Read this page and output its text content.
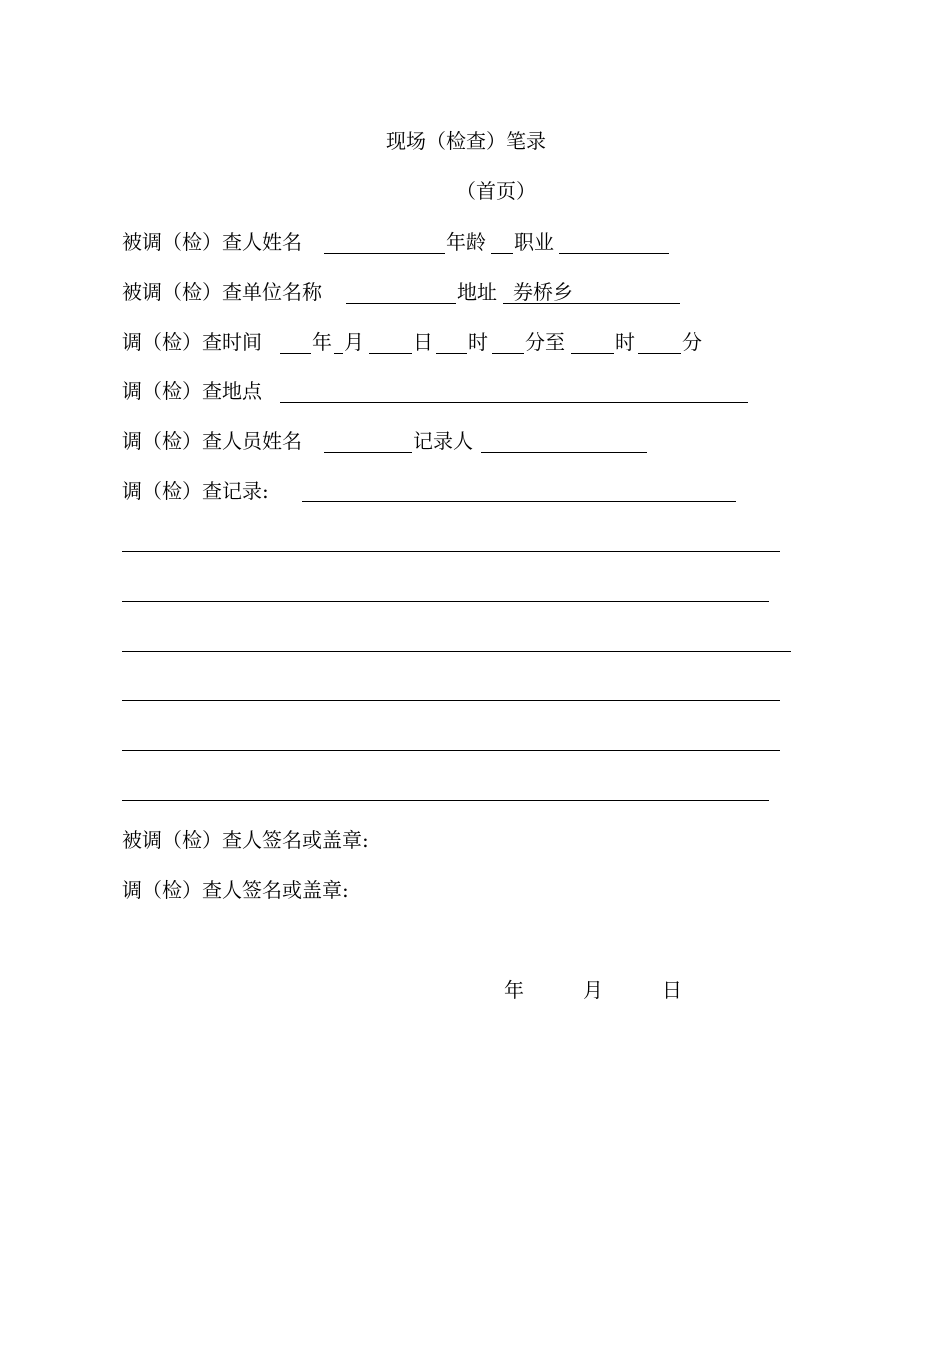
现场（检查）笔录
（首页）
被调（检）查人姓名	年龄 职业
被调（检）查单位名称	地址 券桥乡
调（检）查时间	年 月 日 时 分至	时 分
调（检）查地点
调（检）查人员姓名	记录人
调（检）查记录:
被调（检）查人签名或盖章:
调（检）查人签名或盖章:
年	月	日
